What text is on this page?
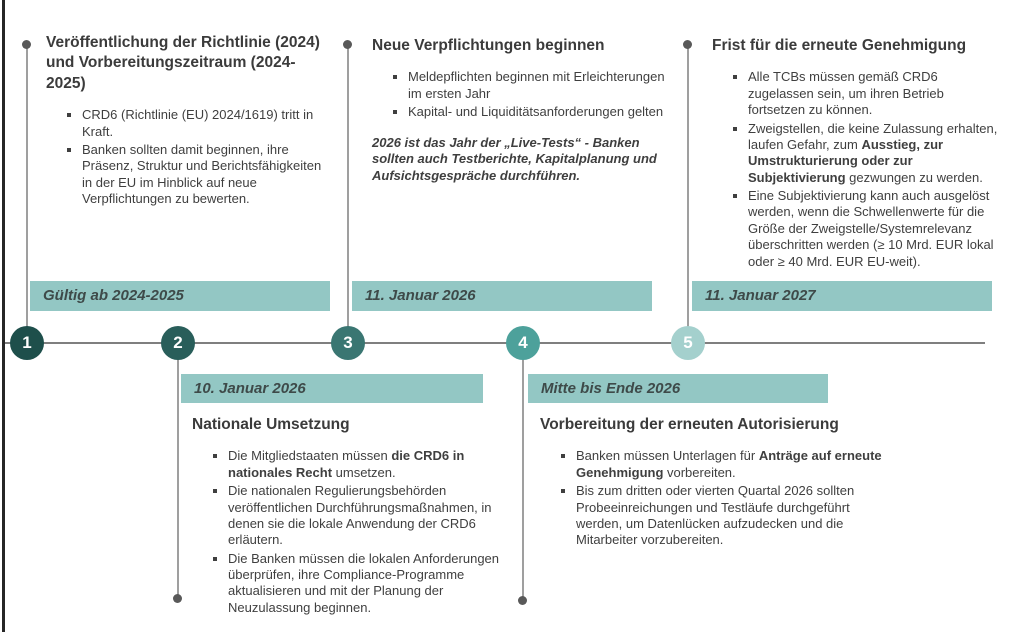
1	2	3	4	5
Gültig ab 2024-2025	11. Januar 2026	11. Januar 2027
10. Januar 2026	Mitte bis Ende 2026
Veröffentlichung der Richtlinie (2024) und Vorbereitungszeitraum (2024-2025)
CRD6 (Richtlinie (EU) 2024/1619) tritt in Kraft.
Banken sollten damit beginnen, ihre Präsenz, Struktur und Berichtsfähigkeiten in der EU im Hinblick auf neue Verpflichtungen zu bewerten.
Neue Verpflichtungen beginnen
Meldepflichten beginnen mit Erleichterungen im ersten Jahr
Kapital- und Liquiditätsanforderungen gelten
2026 ist das Jahr der „Live-Tests“ - Banken sollten auch Testberichte, Kapitalplanung und Aufsichtsgespräche durchführen.
Frist für die erneute Genehmigung
Alle TCBs müssen gemäß CRD6 zugelassen sein, um ihren Betrieb fortsetzen zu können.
Zweigstellen, die keine Zulassung erhalten, laufen Gefahr, zum Ausstieg, zur Umstrukturierung oder zur Subjektivierung gezwungen zu werden.
Eine Subjektivierung kann auch ausgelöst werden, wenn die Schwellenwerte für die Größe der Zweigstelle/Systemrelevanz überschritten werden (≥ 10 Mrd. EUR lokal oder ≥ 40 Mrd. EUR EU-weit).
Nationale Umsetzung
Die Mitgliedstaaten müssen die CRD6 in nationales Recht umsetzen.
Die nationalen Regulierungsbehörden veröffentlichen Durchführungsmaßnahmen, in denen sie die lokale Anwendung der CRD6 erläutern.
Die Banken müssen die lokalen Anforderungen überprüfen, ihre Compliance-Programme aktualisieren und mit der Planung der Neuzulassung beginnen.
Vorbereitung der erneuten Autorisierung
Banken müssen Unterlagen für Anträge auf erneute Genehmigung vorbereiten.
Bis zum dritten oder vierten Quartal 2026 sollten Probeeinreichungen und Testläufe durchgeführt werden, um Datenlücken aufzudecken und die Mitarbeiter vorzubereiten.
